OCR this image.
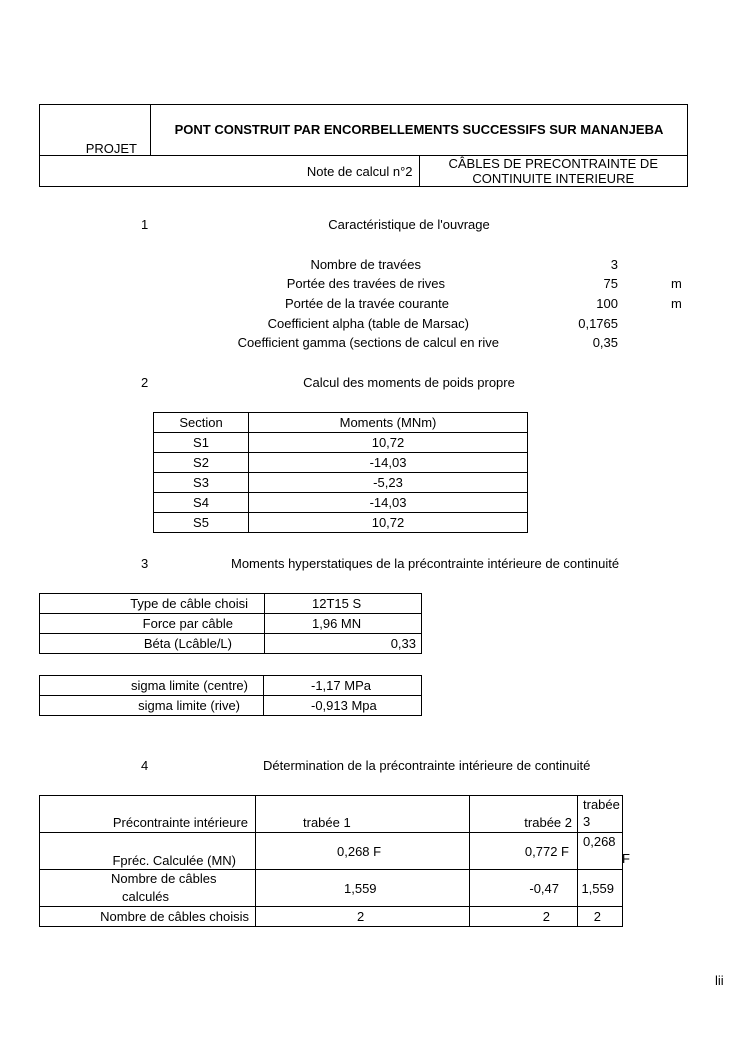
PROJET	PONT CONSTRUIT PAR ENCORBELLEMENTS SUCCESSIFS SUR MANANJEBA	
Note de calcul n°2		CÂBLES DE PRECONTRAINTE DE CONTINUITE INTERIEURE
1	Caractéristique de l'ouvrage
Nombre de travées	3
Portée des travées de rives	75	m
Portée de la travée courante	100	m
Coefficient alpha (table de Marsac)	0,1765
Coefficient gamma (sections de calcul en rive	0,35
2	Calcul des moments de poids propre
Section	Moments (MNm)
S1	10,72
S2	-14,03
S3	-5,23
S4	-14,03
S5	10,72
3	Moments hyperstatiques de la précontrainte intérieure de continuité
Type de câble choisi	12T15 S
Force par câble	1,96 MN
Béta (Lcâble/L)	0,33
sigma limite (centre)	-1,17 MPa
sigma limite (rive)	-0,913 Mpa
4	Détermination de la précontrainte intérieure de continuité
Précontrainte intérieure	trabée 1	trabée 2	trabée
3

Fpréc. Calculée (MN)	0,268 F	0,772 F	0,268
F

Nombre de câbles
calculés	1,559	-0,47	1,559
Nombre de câbles choisis	2	2	2
lii
